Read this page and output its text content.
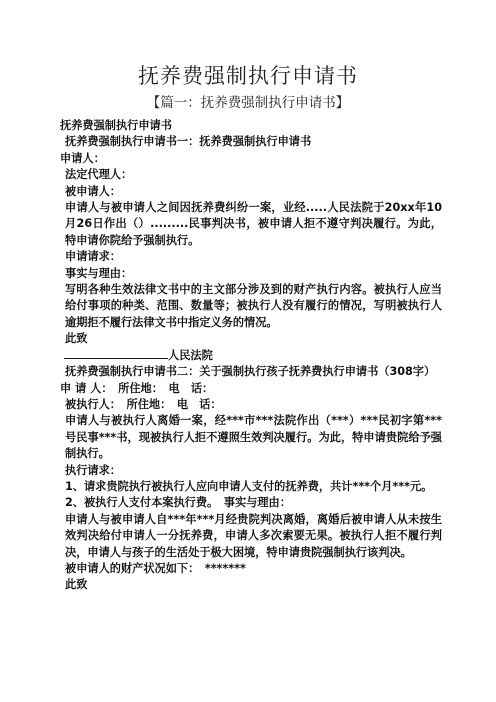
抚养费强制执行申请书
【篇一：抚养费强制执行申请书】

抚养费强制执行申请书

抚养费强制执行申请书一：抚养费强制执行申请书

申请人：

法定代理人：

被申请人：

申请人与被申请人之间因抚养费纠纷一案，业经.....人民法院于20xx年10月26日作出（）.........民事判决书，被申请人拒不遵守判决履行。为此，特申请你院给予强制执行。

申请请求：

事实与理由：

写明各种生效法律文书中的主文部分涉及到的财产执行内容。被执行人应当给付事项的种类、范围、数量等；被执行人没有履行的情况，写明被执行人逾期拒不履行法律文书中指定义务的情况。

此致

人民法院

抚养费强制执行申请书二：关于强制执行孩子抚养费执行申请书（308字）

申 请 人：　所住地：　电　话：

被执行人：　所住地：　电　话：

申请人与被执行人离婚一案，经***市***法院作出（***）***民初字第***号民事***书，现被执行人拒不遵照生效判决履行。为此，特申请贵院给予强制执行。

执行请求：

1、请求贵院执行被执行人应向申请人支付的抚养费，共计***个月***元。

2、被执行人支付本案执行费。　事实与理由：

申请人与被申请人自***年***月经贵院判决离婚，离婚后被申请人从未按生效判决给付申请人一分抚养费，申请人多次索要无果。被执行人拒不履行判决，申请人与孩子的生活处于极大困境，特申请贵院强制执行该判决。

被申请人的财产状况如下：　*******

此致
